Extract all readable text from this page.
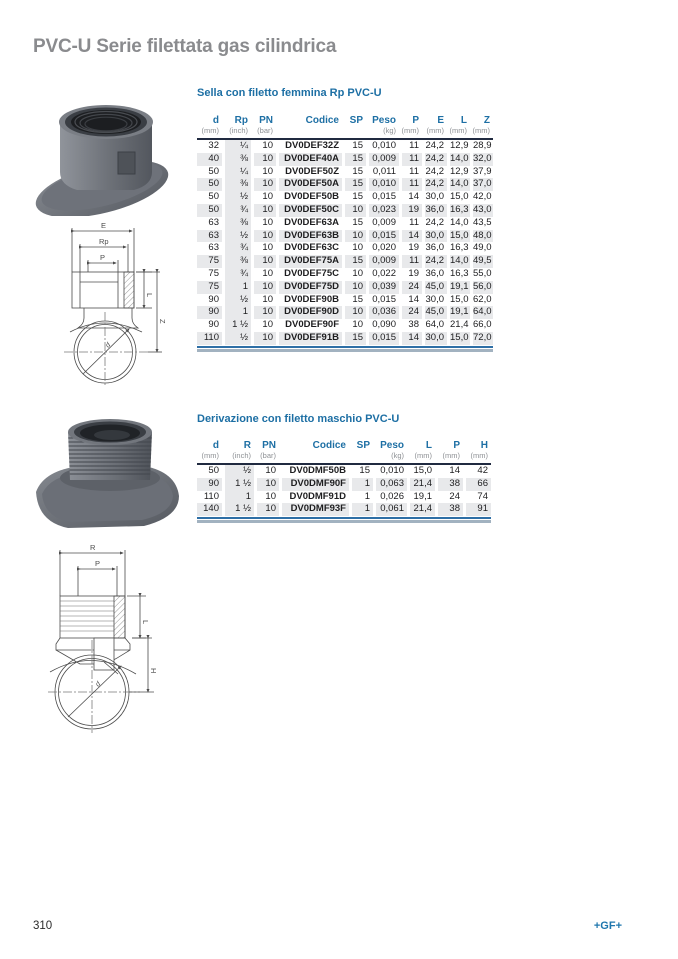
PVC-U Serie filettata gas cilindrica
Sella con filetto femmina Rp PVC-U
d	Rp	PN	Codice	SP	Peso	P	E	L	Z
(mm)	(inch)	(bar)			(kg)	(mm)	(mm)	(mm)	(mm)
32	¼	10	DV0DEF32Z	15	0,010	11	24,2	12,9	28,9
40	⅜	10	DV0DEF40A	15	0,009	11	24,2	14,0	32,0
50	¼	10	DV0DEF50Z	15	0,011	11	24,2	12,9	37,9
50	⅜	10	DV0DEF50A	15	0,010	11	24,2	14,0	37,0
50	½	10	DV0DEF50B	15	0,015	14	30,0	15,0	42,0
50	¾	10	DV0DEF50C	10	0,023	19	36,0	16,3	43,0
63	⅜	10	DV0DEF63A	15	0,009	11	24,2	14,0	43,5
63	½	10	DV0DEF63B	10	0,015	14	30,0	15,0	48,0
63	¾	10	DV0DEF63C	10	0,020	19	36,0	16,3	49,0
75	⅜	10	DV0DEF75A	15	0,009	11	24,2	14,0	49,5
75	¾	10	DV0DEF75C	10	0,022	19	36,0	16,3	55,0
75	1	10	DV0DEF75D	10	0,039	24	45,0	19,1	56,0
90	½	10	DV0DEF90B	15	0,015	14	30,0	15,0	62,0
90	1	10	DV0DEF90D	10	0,036	24	45,0	19,1	64,0
90	1 ½	10	DV0DEF90F	10	0,090	38	64,0	21,4	66,0
110	½	10	DV0DEF91B	15	0,015	14	30,0	15,0	72,0
E
Rp
P
L
Z
d
Derivazione con filetto maschio PVC-U
d	R	PN	Codice	SP	Peso	L	P	H
(mm)	(inch)	(bar)			(kg)	(mm)	(mm)	(mm)
50	½	10	DV0DMF50B	15	0,010	15,0	14	42
90	1 ½	10	DV0DMF90F	1	0,063	21,4	38	66
110	1	10	DV0DMF91D	1	0,026	19,1	24	74
140	1 ½	10	DV0DMF93F	1	0,061	21,4	38	91
R
P
L
H
d
310	+GF+
